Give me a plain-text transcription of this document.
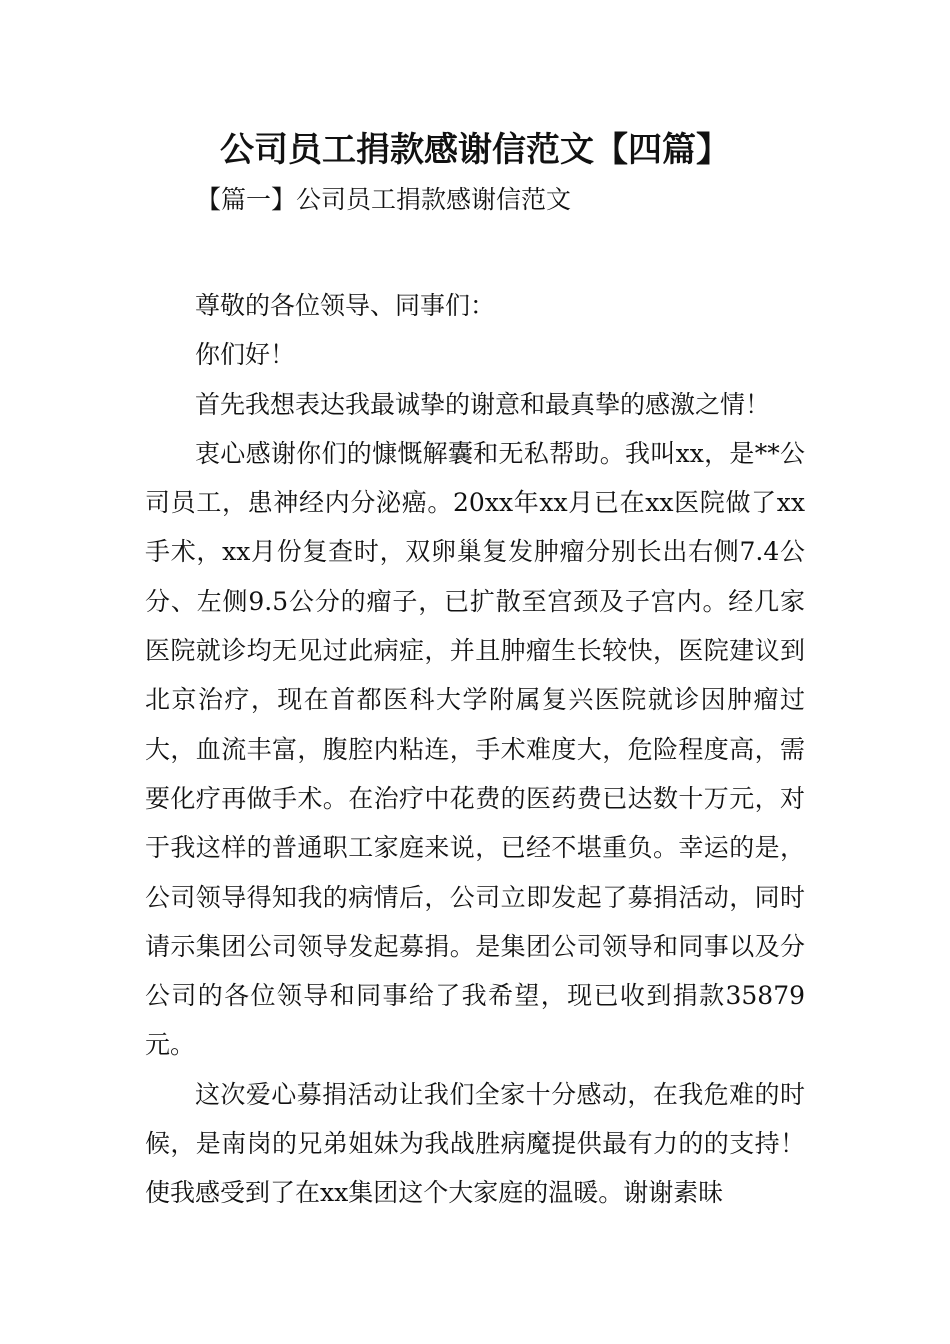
公司员工捐款感谢信范文【四篇】
【篇一】公司员工捐款感谢信范文

尊敬的各位领导、同事们：

你们好！

首先我想表达我最诚挚的谢意和最真挚的感激之情！

衷心感谢你们的慷慨解囊和无私帮助。我叫xx，是**公司员工，患神经内分泌癌。20xx年xx月已在xx医院做了xx手术，xx月份复查时，双卵巢复发肿瘤分别长出右侧7.4公分、左侧9.5公分的瘤子，已扩散至宫颈及子宫内。经几家医院就诊均无见过此病症，并且肿瘤生长较快，医院建议到北京治疗，现在首都医科大学附属复兴医院就诊因肿瘤过大，血流丰富，腹腔内粘连，手术难度大，危险程度高，需要化疗再做手术。在治疗中花费的医药费已达数十万元，对于我这样的普通职工家庭来说，已经不堪重负。幸运的是，公司领导得知我的病情后，公司立即发起了募捐活动，同时请示集团公司领导发起募捐。是集团公司领导和同事以及分公司的各位领导和同事给了我希望，现已收到捐款35879元。

这次爱心募捐活动让我们全家十分感动，在我危难的时候，是南岗的兄弟姐妹为我战胜病魔提供最有力的的支持！使我感受到了在xx集团这个大家庭的温暖。谢谢素昧
